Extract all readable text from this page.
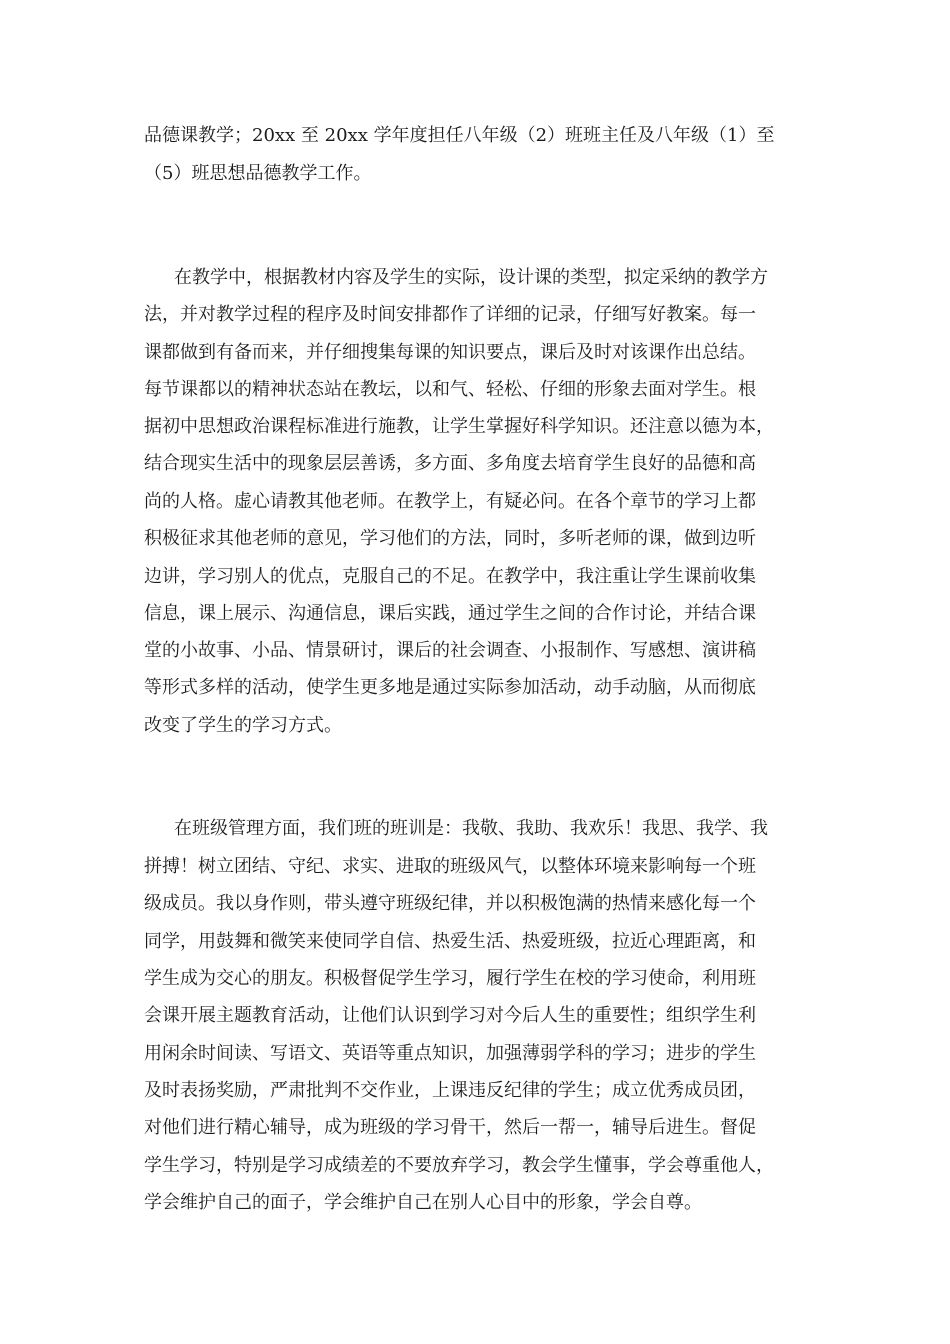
品德课教学；20xx 至 20xx 学年度担任八年级（2）班班主任及八年级（1）至
（5）班思想品德教学工作。
在教学中，根据教材内容及学生的实际，设计课的类型，拟定采纳的教学方
法，并对教学过程的程序及时间安排都作了详细的记录，仔细写好教案。每一
课都做到有备而来，并仔细搜集每课的知识要点，课后及时对该课作出总结。
每节课都以的精神状态站在教坛，以和气、轻松、仔细的形象去面对学生。根
据初中思想政治课程标准进行施教，让学生掌握好科学知识。还注意以德为本，
结合现实生活中的现象层层善诱，多方面、多角度去培育学生良好的品德和高
尚的人格。虚心请教其他老师。在教学上，有疑必问。在各个章节的学习上都
积极征求其他老师的意见，学习他们的方法，同时，多听老师的课，做到边听
边讲，学习别人的优点，克服自己的不足。在教学中，我注重让学生课前收集
信息，课上展示、沟通信息，课后实践，通过学生之间的合作讨论，并结合课
堂的小故事、小品、情景研讨，课后的社会调查、小报制作、写感想、演讲稿
等形式多样的活动，使学生更多地是通过实际参加活动，动手动脑，从而彻底
改变了学生的学习方式。
在班级管理方面，我们班的班训是：我敬、我助、我欢乐！我思、我学、我
拼搏！树立团结、守纪、求实、进取的班级风气，以整体环境来影响每一个班
级成员。我以身作则，带头遵守班级纪律，并以积极饱满的热情来感化每一个
同学，用鼓舞和微笑来使同学自信、热爱生活、热爱班级，拉近心理距离，和
学生成为交心的朋友。积极督促学生学习，履行学生在校的学习使命，利用班
会课开展主题教育活动，让他们认识到学习对今后人生的重要性；组织学生利
用闲余时间读、写语文、英语等重点知识，加强薄弱学科的学习；进步的学生
及时表扬奖励，严肃批判不交作业，上课违反纪律的学生；成立优秀成员团，
对他们进行精心辅导，成为班级的学习骨干，然后一帮一，辅导后进生。督促
学生学习，特别是学习成绩差的不要放弃学习，教会学生懂事，学会尊重他人，
学会维护自己的面子，学会维护自己在别人心目中的形象，学会自尊。
